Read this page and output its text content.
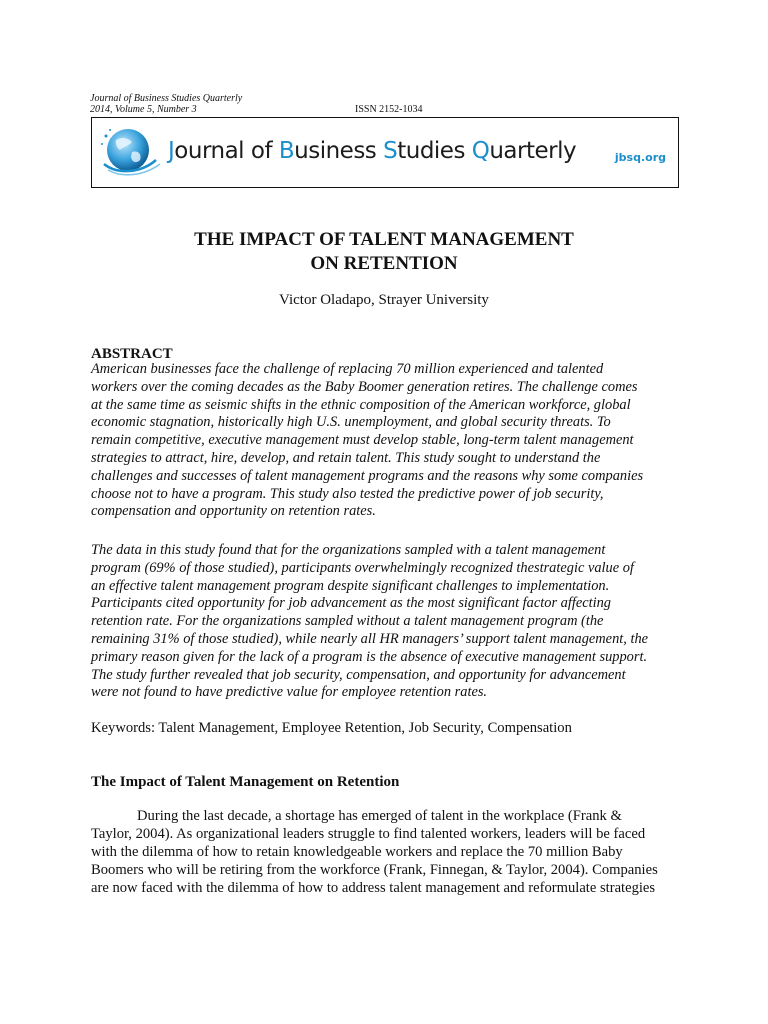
Journal of Business Studies Quarterly
2014, Volume 5, Number 3	ISSN 2152-1034
Journal of Business Studies Quarterly	jbsq.org
THE IMPACT OF TALENT MANAGEMENT
ON RETENTION
Victor Oladapo, Strayer University
ABSTRACT

American businesses face the challenge of replacing 70 million experienced and talented
workers over the coming decades as the Baby Boomer generation retires. The challenge comes
at the same time as seismic shifts in the ethnic composition of the American workforce, global
economic stagnation, historically high U.S. unemployment, and global security threats. To
remain competitive, executive management must develop stable, long-term talent management
strategies to attract, hire, develop, and retain talent. This study sought to understand the
challenges and successes of talent management programs and the reasons why some companies
choose not to have a program. This study also tested the predictive power of job security,
compensation and opportunity on retention rates.

The data in this study found that for the organizations sampled with a talent management
program (69% of those studied), participants overwhelmingly recognized thestrategic value of
an effective talent management program despite significant challenges to implementation.
Participants cited opportunity for job advancement as the most significant factor affecting
retention rate. For the organizations sampled without a talent management program (the
remaining 31% of those studied), while nearly all HR managers’ support talent management, the
primary reason given for the lack of a program is the absence of executive management support.
The study further revealed that job security, compensation, and opportunity for advancement
were not found to have predictive value for employee retention rates.

Keywords: Talent Management, Employee Retention, Job Security, Compensation

The Impact of Talent Management on Retention

During the last decade, a shortage has emerged of talent in the workplace (Frank &
Taylor, 2004). As organizational leaders struggle to find talented workers, leaders will be faced
with the dilemma of how to retain knowledgeable workers and replace the 70 million Baby
Boomers who will be retiring from the workforce (Frank, Finnegan, & Taylor, 2004). Companies
are now faced with the dilemma of how to address talent management and reformulate strategies
